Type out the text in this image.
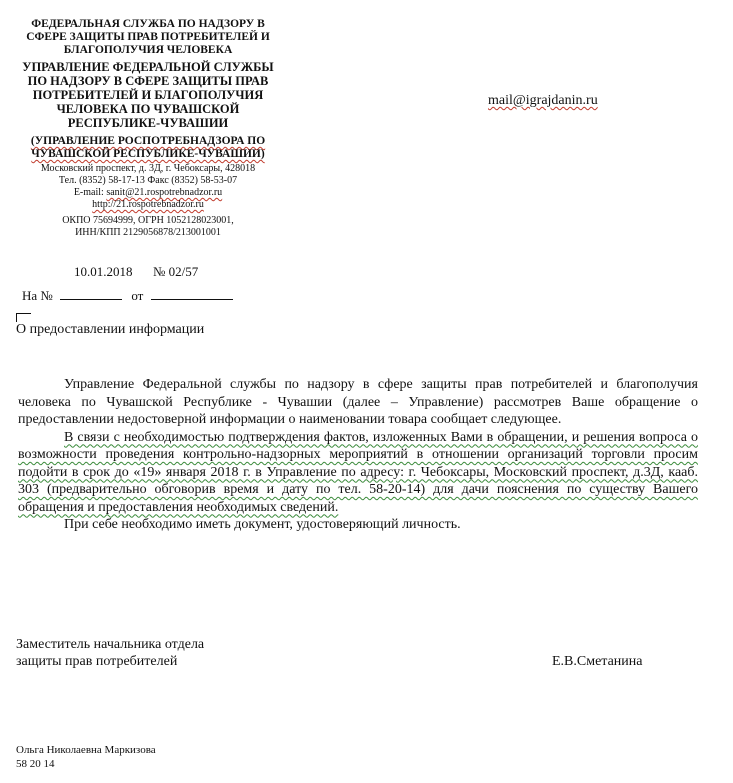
ФЕДЕРАЛЬНАЯ СЛУЖБА ПО НАДЗОРУ В
СФЕРЕ ЗАЩИТЫ ПРАВ ПОТРЕБИТЕЛЕЙ И
БЛАГОПОЛУЧИЯ ЧЕЛОВЕКА
УПРАВЛЕНИЕ ФЕДЕРАЛЬНОЙ СЛУЖБЫ
ПО НАДЗОРУ В СФЕРЕ ЗАЩИТЫ ПРАВ
ПОТРЕБИТЕЛЕЙ И БЛАГОПОЛУЧИЯ
ЧЕЛОВЕКА ПО ЧУВАШСКОЙ
РЕСПУБЛИКЕ-ЧУВАШИИ
(УПРАВЛЕНИЕ РОСПОТРЕБНАДЗОРА ПО
ЧУВАШСКОЙ РЕСПУБЛИКЕ-ЧУВАШИИ)
Московский проспект, д. 3Д, г. Чебоксары, 428018
Тел. (8352) 58-17-13 Факс (8352) 58-53-07
E-mail: sanit@21.rospotrebnadzor.ru
http://21.rospotrebnadzor.ru
ОКПО 75694999, ОГРН 1052128023001,
ИНН/КПП 2129056878/213001001
mail@igrajdanin.ru
10.01.2018 № 02/57
На №	от
О предоставлении информации

Управление Федеральной службы по надзору в сфере защиты прав потребителей и благополучия человека по Чувашской Республике - Чувашии (далее – Управление) рассмотрев Ваше обращение о предоставлении недостоверной информации о наименовании товара сообщает следующее.

В связи с необходимостью подтверждения фактов, изложенных Вами в обращении, и решения вопроса о возможности проведения контрольно-надзорных мероприятий в отношении организаций торговли просим подойти в срок до «19» января 2018 г. в Управление по адресу: г. Чебоксары, Московский проспект, д.3Д, кааб. 303 (предварительно обговорив время и дату по тел. 58-20-14) для дачи пояснения по существу Вашего обращения и предоставления необходимых сведений.

При себе необходимо иметь документ, удостоверяющий личность.

Заместитель начальника отдела
защиты прав потребителей	Е.В.Сметанина
Ольга Николаевна Маркизова
58 20 14
